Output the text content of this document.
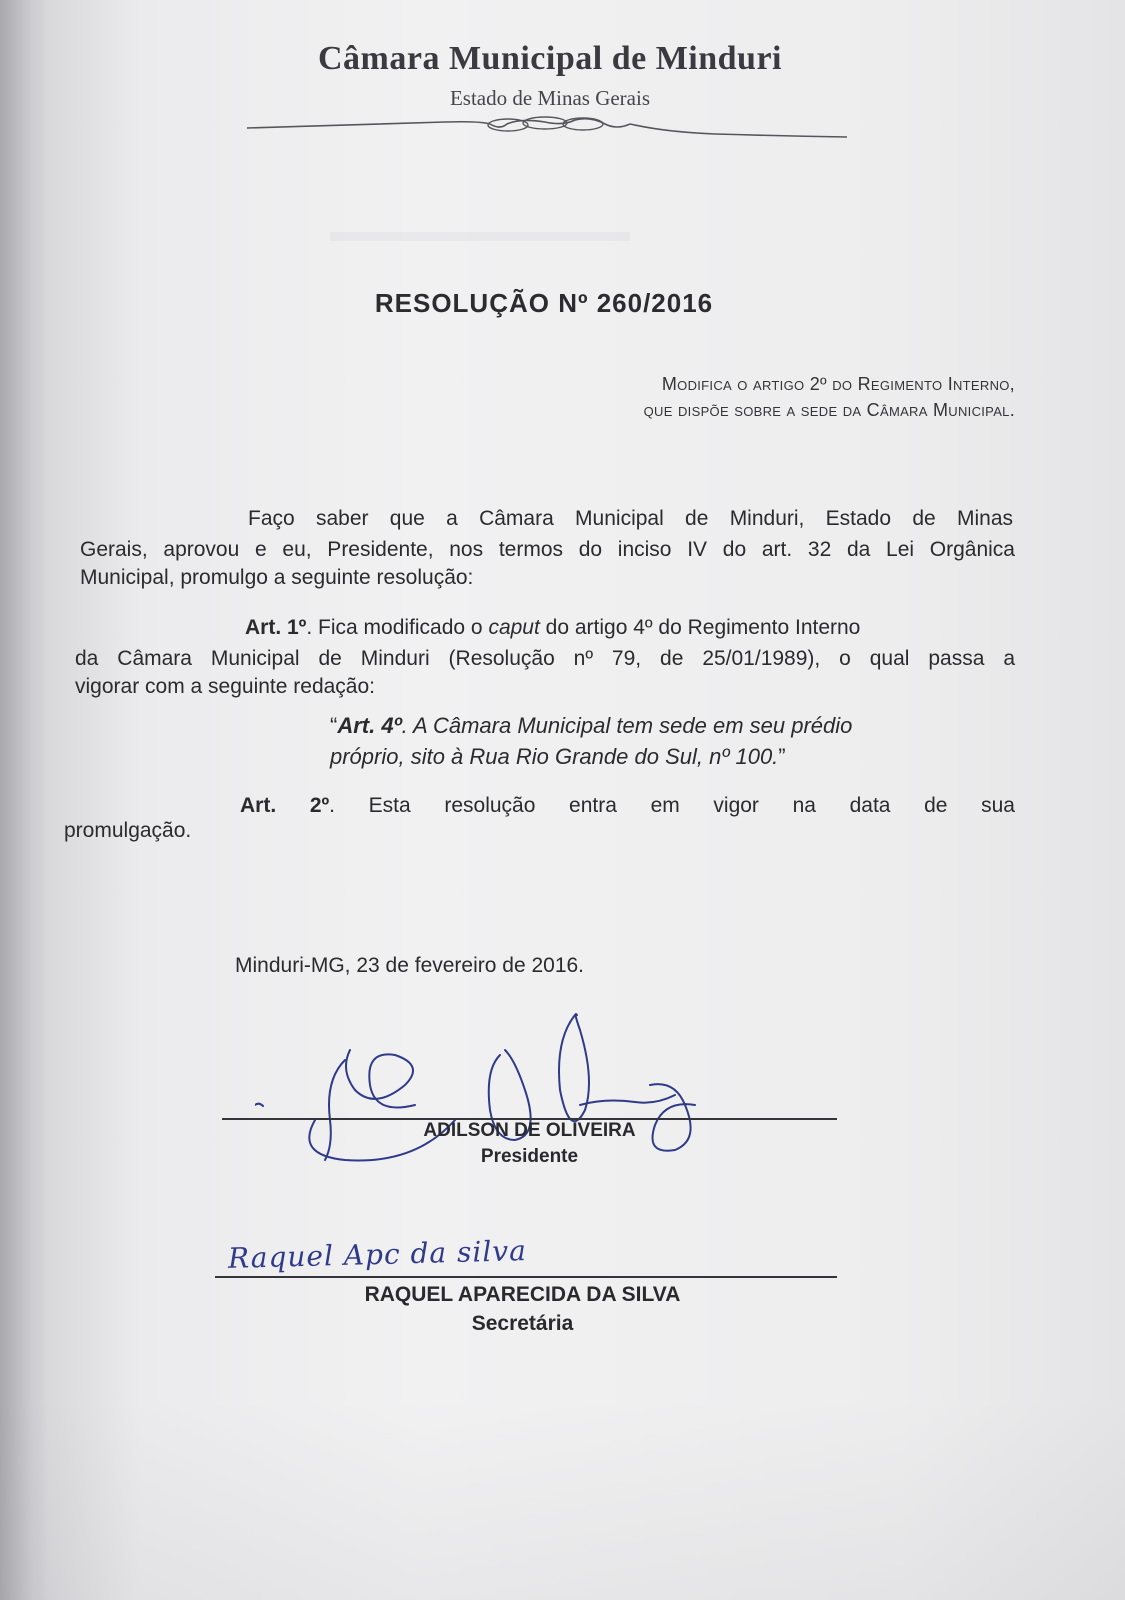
▬▬▬▬▬▬▬▬▬▬
Câmara Municipal de Minduri
Estado de Minas Gerais
RESOLUÇÃO Nº 260/2016
Modifica o artigo 2º do Regimento Interno,
que dispõe sobre a sede da Câmara Municipal.
Faço saber que a Câmara Municipal de Minduri, Estado de Minas
Gerais, aprovou e eu, Presidente, nos termos do inciso IV do art. 32 da Lei Orgânica
Municipal, promulgo a seguinte resolução:
Art. 1º. Fica modificado o caput do artigo 4º do Regimento Interno
da Câmara Municipal de Minduri (Resolução nº 79, de 25/01/1989), o qual passa a
vigorar com a seguinte redação:
“Art. 4º. A Câmara Municipal tem sede em seu prédio
próprio, sito à Rua Rio Grande do Sul, nº 100.”
Art. 2º. Esta resolução entra em vigor na data de sua
promulgação.
Minduri-MG, 23 de fevereiro de 2016.
ADILSON DE OLIVEIRA
Presidente
Raquel Apc da silva
RAQUEL APARECIDA DA SILVA
Secretária
